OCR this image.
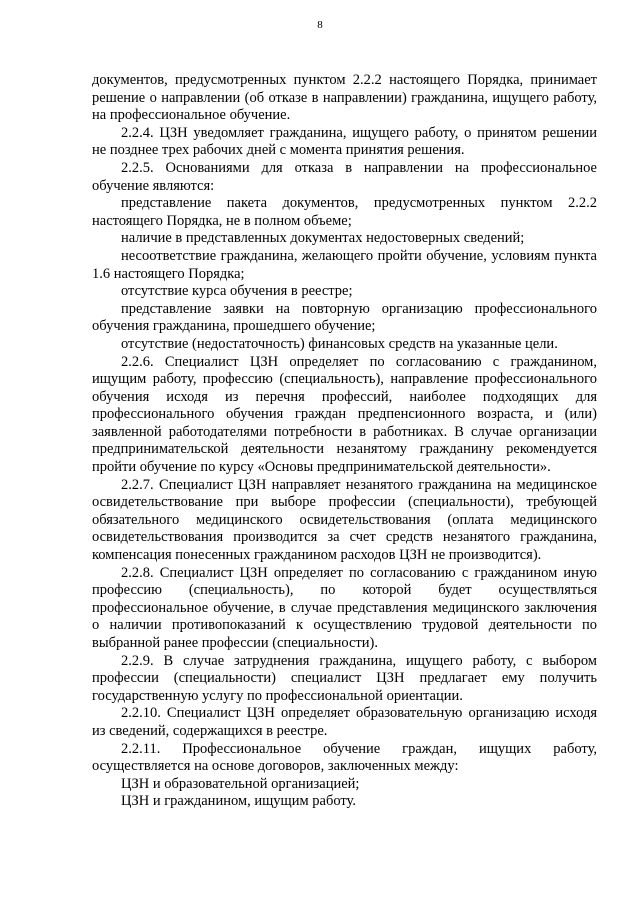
8

документов, предусмотренных пунктом 2.2.2 настоящего Порядка, принимает решение о направлении (об отказе в направлении) гражданина, ищущего работу, на профессиональное обучение.

2.2.4. ЦЗН уведомляет гражданина, ищущего работу, о принятом решении не позднее трех рабочих дней с момента принятия решения.

2.2.5. Основаниями для отказа в направлении на профессиональное обучение являются:

представление пакета документов, предусмотренных пунктом 2.2.2 настоящего Порядка, не в полном объеме;

наличие в представленных документах недостоверных сведений;

несоответствие гражданина, желающего пройти обучение, условиям пункта 1.6 настоящего Порядка;

отсутствие курса обучения в реестре;

представление заявки на повторную организацию профессионального обучения гражданина, прошедшего обучение;

отсутствие (недостаточность) финансовых средств на указанные цели.

2.2.6. Специалист ЦЗН определяет по согласованию с гражданином, ищущим работу, профессию (специальность), направление профессионального обучения исходя из перечня профессий, наиболее подходящих для профессионального обучения граждан предпенсионного возраста, и (или) заявленной работодателями потребности в работниках. В случае организации предпринимательской деятельности незанятому гражданину рекомендуется пройти обучение по курсу «Основы предпринимательской деятельности».

2.2.7. Специалист ЦЗН направляет незанятого гражданина на медицинское освидетельствование при выборе профессии (специальности), требующей обязательного медицинского освидетельствования (оплата медицинского освидетельствования производится за счет средств незанятого гражданина, компенсация понесенных гражданином расходов ЦЗН не производится).

2.2.8. Специалист ЦЗН определяет по согласованию с гражданином иную профессию (специальность), по которой будет осуществляться профессиональное обучение, в случае представления медицинского заключения о наличии противопоказаний к осуществлению трудовой деятельности по выбранной ранее профессии (специальности).

2.2.9. В случае затруднения гражданина, ищущего работу, с выбором профессии (специальности) специалист ЦЗН предлагает ему получить государственную услугу по профессиональной ориентации.

2.2.10. Специалист ЦЗН определяет образовательную организацию исходя из сведений, содержащихся в реестре.

2.2.11. Профессиональное обучение граждан, ищущих работу, осуществляется на основе договоров, заключенных между:

ЦЗН и образовательной организацией;

ЦЗН и гражданином, ищущим работу.
